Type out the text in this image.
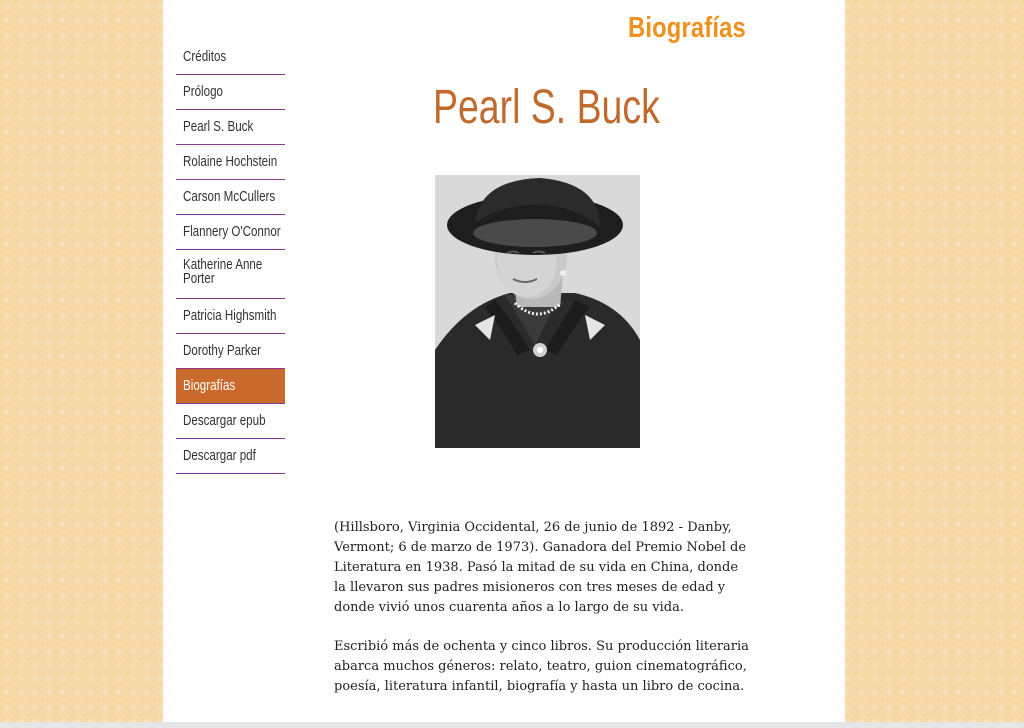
Biografías
Créditos
Prólogo
Pearl S. Buck
Rolaine Hochstein
Carson McCullers
Flannery O'Connor
Katherine Anne Porter
Patricia Highsmith
Dorothy Parker
Biografías
Descargar epub
Descargar pdf
Pearl S. Buck

(Hillsboro, Virginia Occidental, 26 de junio de 1892 - Danby, Vermont; 6 de marzo de 1973). Ganadora del Premio Nobel de Literatura en 1938. Pasó la mitad de su vida en China, donde la llevaron sus padres misioneros con tres meses de edad y donde vivió unos cuarenta años a lo largo de su vida.

Escribió más de ochenta y cinco libros. Su producción literaria abarca muchos géneros: relato, teatro, guion cinematográfico, poesía, literatura infantil, biografía y hasta un libro de cocina.
